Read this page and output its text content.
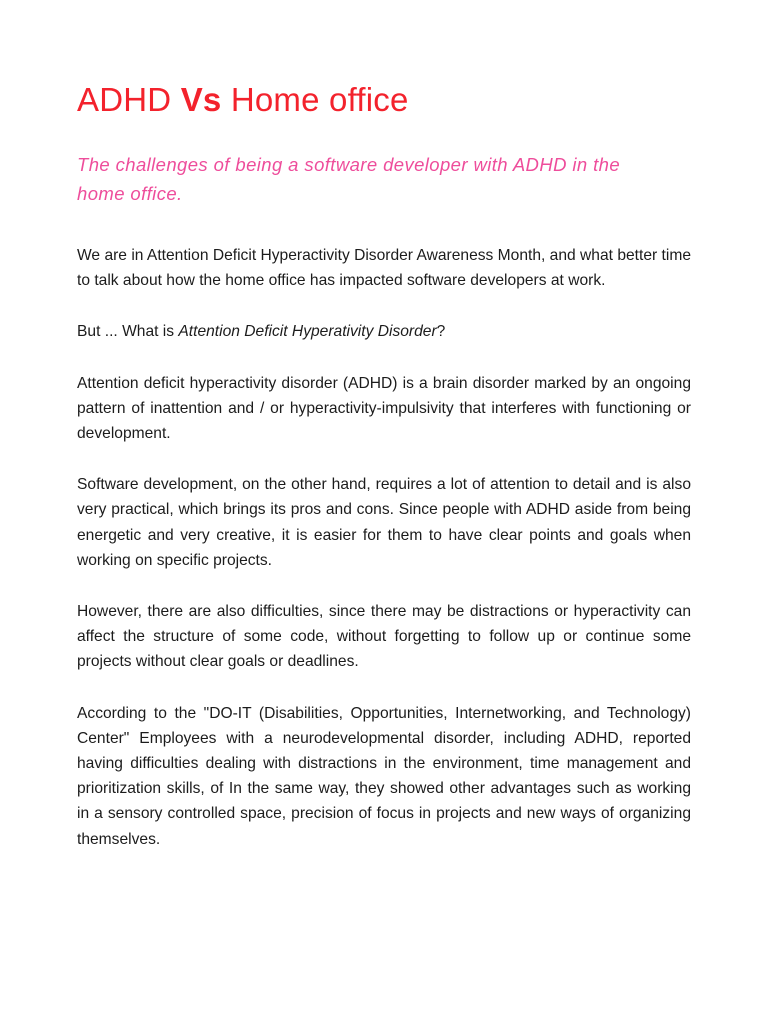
ADHD Vs Home office

The challenges of being a software developer with ADHD in the home office.

We are in Attention Deficit Hyperactivity Disorder Awareness Month, and what better time to talk about how the home office has impacted software developers at work.

But ... What is Attention Deficit Hyperativity Disorder?

Attention deficit hyperactivity disorder (ADHD) is a brain disorder marked by an ongoing pattern of inattention and / or hyperactivity-impulsivity that interferes with functioning or development.

Software development, on the other hand, requires a lot of attention to detail and is also very practical, which brings its pros and cons. Since people with ADHD aside from being energetic and very creative, it is easier for them to have clear points and goals when working on specific projects.

However, there are also difficulties, since there may be distractions or hyperactivity can affect the structure of some code, without forgetting to follow up or continue some projects without clear goals or deadlines.

According to the "DO-IT (Disabilities, Opportunities, Internetworking, and Technology) Center" Employees with a neurodevelopmental disorder, including ADHD, reported having difficulties dealing with distractions in the environment, time management and prioritization skills, of In the same way, they showed other advantages such as working in a sensory controlled space, precision of focus in projects and new ways of organizing themselves.
